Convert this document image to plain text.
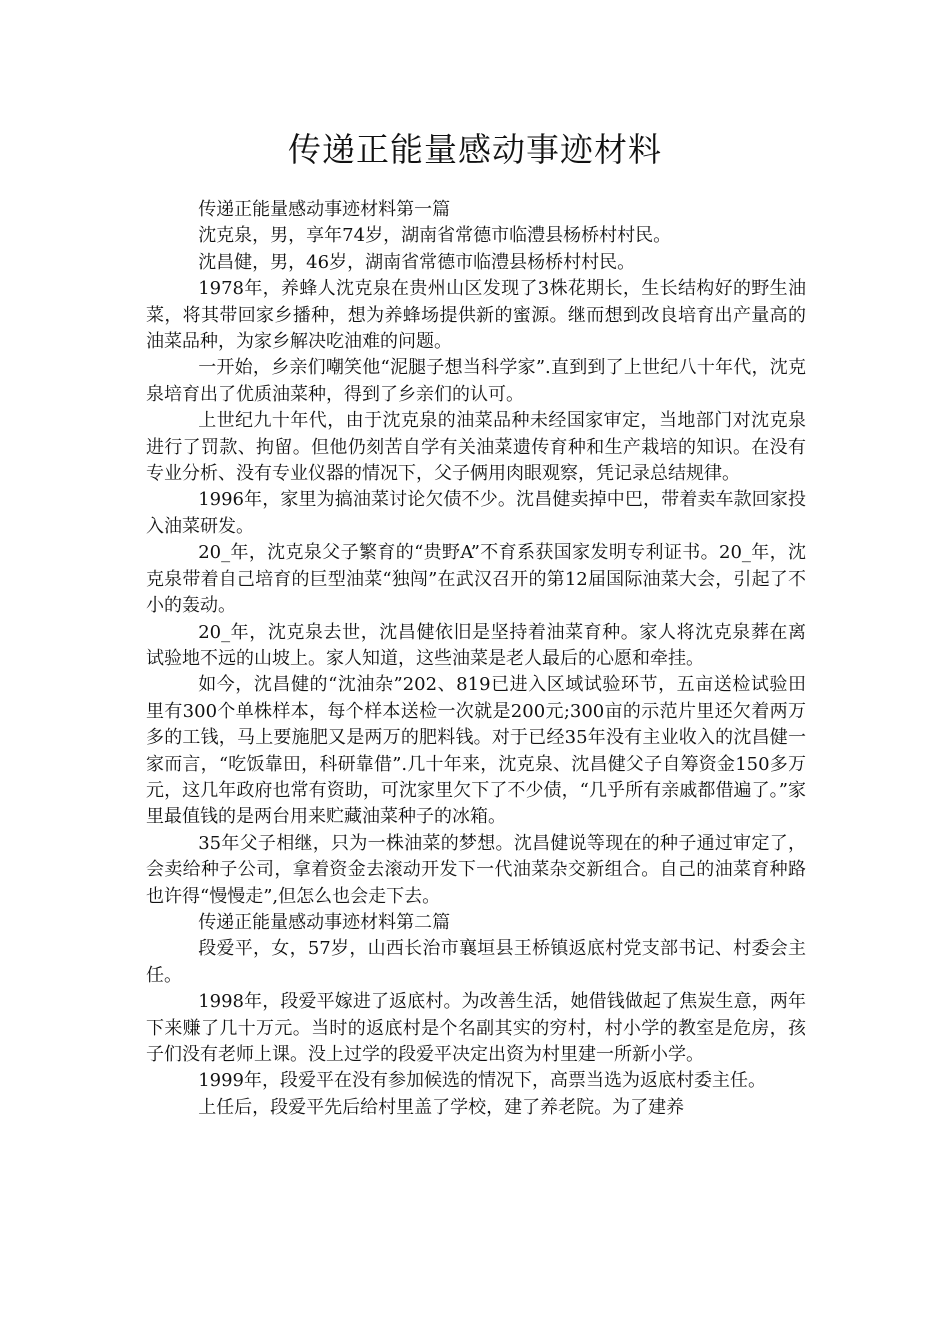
传递正能量感动事迹材料

传递正能量感动事迹材料第一篇

沈克泉，男，享年74岁，湖南省常德市临澧县杨桥村村民。

沈昌健，男，46岁，湖南省常德市临澧县杨桥村村民。

1978年，养蜂人沈克泉在贵州山区发现了3株花期长，生长结构好的野生油菜，将其带回家乡播种，想为养蜂场提供新的蜜源。继而想到改良培育出产量高的油菜品种，为家乡解决吃油难的问题。

一开始，乡亲们嘲笑他“泥腿子想当科学家”.直到到了上世纪八十年代，沈克泉培育出了优质油菜种，得到了乡亲们的认可。

上世纪九十年代，由于沈克泉的油菜品种未经国家审定，当地部门对沈克泉进行了罚款、拘留。但他仍刻苦自学有关油菜遗传育种和生产栽培的知识。在没有专业分析、没有专业仪器的情况下，父子俩用肉眼观察，凭记录总结规律。

1996年，家里为搞油菜讨论欠债不少。沈昌健卖掉中巴，带着卖车款回家投入油菜研发。

20_年，沈克泉父子繁育的“贵野A”不育系获国家发明专利证书。20_年，沈克泉带着自己培育的巨型油菜“独闯”在武汉召开的第12届国际油菜大会，引起了不小的轰动。

20_年，沈克泉去世，沈昌健依旧是坚持着油菜育种。家人将沈克泉葬在离试验地不远的山坡上。家人知道，这些油菜是老人最后的心愿和牵挂。

如今，沈昌健的“沈油杂”202、819已进入区域试验环节，五亩送检试验田里有300个单株样本，每个样本送检一次就是200元;300亩的示范片里还欠着两万多的工钱，马上要施肥又是两万的肥料钱。对于已经35年没有主业收入的沈昌健一家而言，“吃饭靠田，科研靠借”.几十年来，沈克泉、沈昌健父子自筹资金150多万元，这几年政府也常有资助，可沈家里欠下了不少债，“几乎所有亲戚都借遍了。”家里最值钱的是两台用来贮藏油菜种子的冰箱。

35年父子相继，只为一株油菜的梦想。沈昌健说等现在的种子通过审定了，会卖给种子公司，拿着资金去滚动开发下一代油菜杂交新组合。自己的油菜育种路也许得“慢慢走”,但怎么也会走下去。

传递正能量感动事迹材料第二篇

段爱平，女，57岁，山西长治市襄垣县王桥镇返底村党支部书记、村委会主任。

1998年，段爱平嫁进了返底村。为改善生活，她借钱做起了焦炭生意，两年下来赚了几十万元。当时的返底村是个名副其实的穷村，村小学的教室是危房，孩子们没有老师上课。没上过学的段爱平决定出资为村里建一所新小学。

1999年，段爱平在没有参加候选的情况下，高票当选为返底村委主任。

上任后，段爱平先后给村里盖了学校，建了养老院。为了建养
